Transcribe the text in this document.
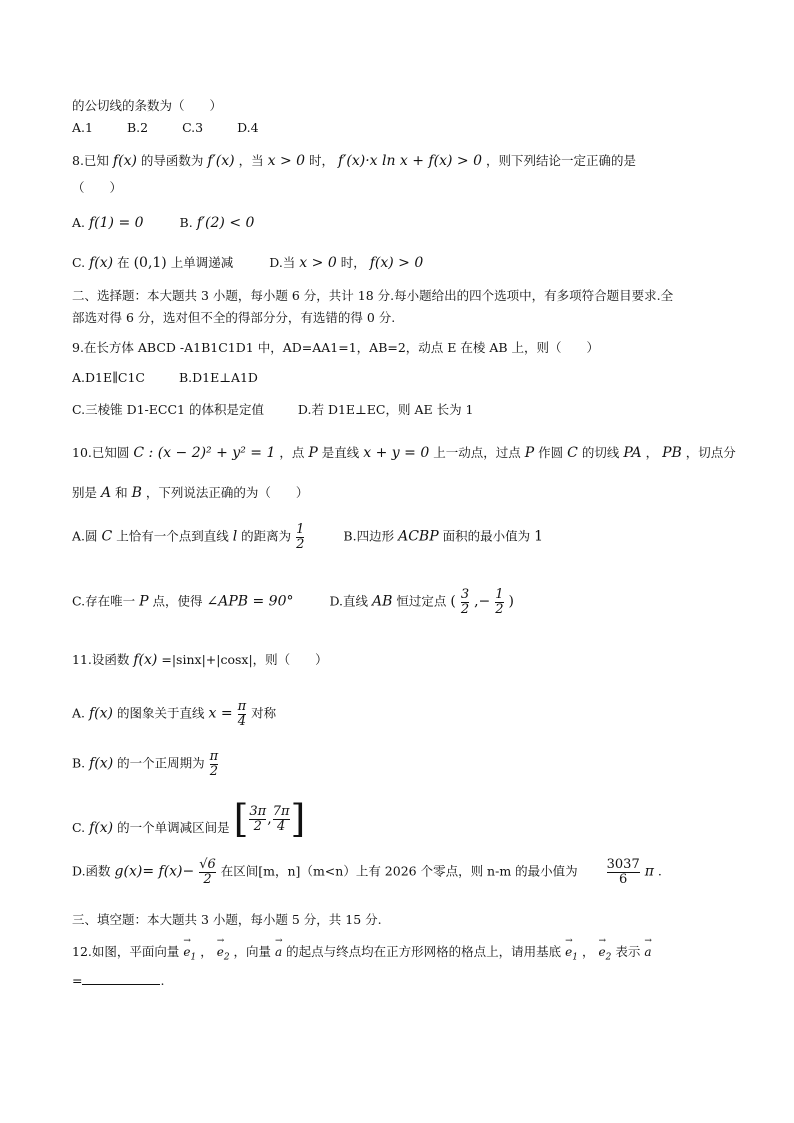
的公切线的条数为（　　）
A.1	B.2	C.3	D.4
8.已知 f(x) 的导函数为 f′(x) ，当 x > 0 时， f′(x)·x ln x + f(x) > 0 ，则下列结论一定正确的是
（　　）
A. f(1) = 0	B. f′(2) < 0
C. f(x) 在 (0,1) 上单调递减	D.当 x > 0 时， f(x) > 0
二、选择题：本大题共 3 小题，每小题 6 分，共计 18 分.每小题给出的四个选项中，有多项符合题目要求.全
部选对得 6 分，选对但不全的得部分分，有选错的得 0 分.
9.在长方体 ABCD -A1B1C1D1 中，AD=AA1=1，AB=2，动点 E 在棱 AB 上，则（　　）
A.D1E∥C1C	B.D1E⊥A1D
C.三棱锥 D1-ECC1 的体积是定值	D.若 D1E⊥EC，则 AE 长为 1
10.已知圆 C : (x − 2)² + y² = 1 ，点 P 是直线 x + y = 0 上一动点，过点 P 作圆 C 的切线 PA ， PB ，切点分
别是 A 和 B ，下列说法正确的为（　　）
A.圆 C 上恰有一个点到直线 l 的距离为 $\frac{1}{2}$	B.四边形 ACBP 面积的最小值为 1
C.存在唯一 P 点，使得 ∠APB = 90°	D.直线 AB 恒过定点 ( $\frac{3}{2}$ ,− $\frac{1}{2}$ )
11.设函数 f(x) =|sinx|+|cosx|，则（　　）
A. f(x) 的图象关于直线 $x = \frac{\pi}{4}$ 对称
B. f(x) 的一个正周期为 $\frac{\pi}{2}$
C. f(x) 的一个单调减区间是 [ $\frac{3\pi}{2}$ , $\frac{7\pi}{4}$ ]
D.函数 $g(x)= f(x)- \frac{√6}{2}$ 在区间[m，n]（m<n）上有 2026 个零点，则 n-m 的最小值为 $\frac{3037}{6}$ π .
三、填空题：本大题共 3 小题，每小题 5 分，共 15 分.
12.如图，平面向量 → $e_1$ ， → $e_2$ ，向量 → a 的起点与终点均在正方形网格的格点上，请用基底 → $e_1$ ， → $e_2$ 表示 → a
=	.
